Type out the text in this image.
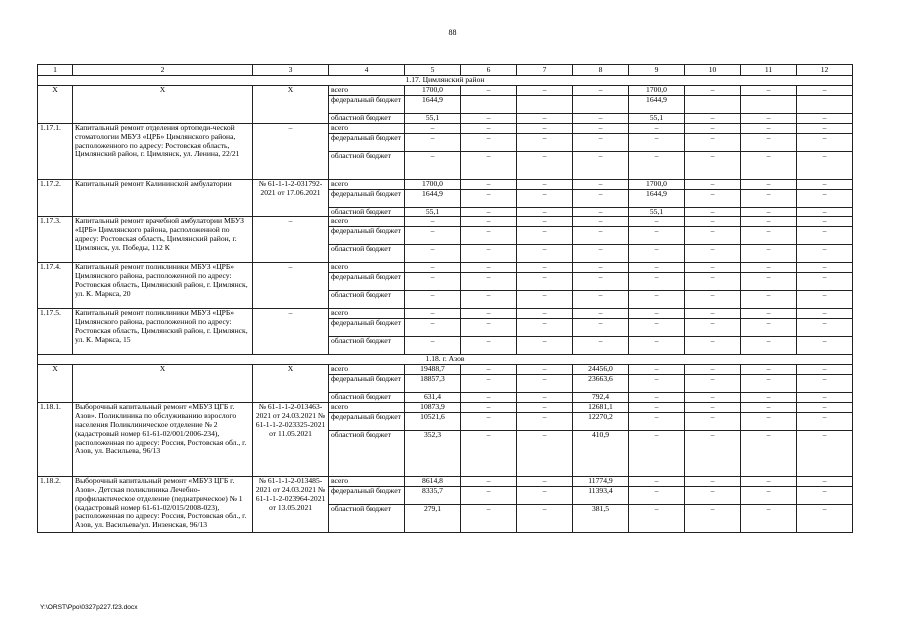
88
1	2	3	4	5	6	7	8	9	10	11	12
1.17. Цимлянский район											
X	X	X	всего	1700,0	–	–	–	1700,0	–	–	–
			федеральный бюджет	1644,9				1644,9			
			областной бюджет	55,1	–	–	–	55,1	–	–	–
1.17.1.	Капитальный ремонт отделения ортопеди-ческой стоматологии МБУЗ «ЦРБ» Цимлянского района, расположенного по адресу: Ростовская область, Цимлянский район, г. Цимлянск, ул. Ленина, 22/21	–	всего	–	–	–	–	–	–	–	–
			федеральный бюджет	–	–	–	–	–	–	–	–
			областной бюджет	–	–	–	–	–	–	–	–
1.17.2.	Капитальный ремонт Калининской амбулатории	№ 61-1-1-2-031792-2021 от 17.06.2021	всего	1700,0	–	–	–	1700,0	–	–	–
			федеральный бюджет	1644,9	–	–	–	1644,9	–	–	–
			областной бюджет	55,1	–	–	–	55,1	–	–	–
1.17.3.	Капитальный ремонт врачебной амбулатории МБУЗ «ЦРБ» Цимлянского района, расположенной по адресу: Ростовская область, Цимлянский район, г. Цимлянск, ул. Победы, 112 К	–	всего	–	–	–	–	–	–	–	–
			федеральный бюджет	–	–	–	–	–	–	–	–
			областной бюджет	–	–	–	–	–	–	–	–
1.17.4.	Капитальный ремонт поликлиники МБУЗ «ЦРБ» Цимлянского района, расположенной по адресу: Ростовская область, Цимлянский район, г. Цимлянск, ул. К. Маркса, 20	–	всего	–	–	–	–	–	–	–	–
			федеральный бюджет	–	–	–	–	–	–	–	–
			областной бюджет	–	–	–	–	–	–	–	–
1.17.5.	Капитальный ремонт поликлиники МБУЗ «ЦРБ» Цимлянского района, расположенной по адресу: Ростовская область, Цимлянский район, г. Цимлянск, ул. К. Маркса, 15	–	всего	–	–	–	–	–	–	–	–
			федеральный бюджет	–	–	–	–	–	–	–	–
			областной бюджет	–	–	–	–	–	–	–	–
1.18. г. Азов											
X	X	X	всего	19488,7	–	–	24456,0	–	–	–	–
			федеральный бюджет	18857,3	–	–	23663,6	–	–	–	–
			областной бюджет	631,4	–	–	792,4	–	–	–	–
1.18.1.	Выборочный капитальный ремонт «МБУЗ ЦГБ г. Азов». Поликлиника по обслуживанию взрослого населения Поликлиническое отделение № 2 (кадастровый номер 61-61-02/001/2006-234), расположенная по адресу: Россия, Ростовская обл., г. Азов, ул. Васильева, 96/13	№ 61-1-1-2-013463-2021 от 24.03.2021 № 61-1-1-2-023325-2021 от 11.05.2021	всего	10873,9	–	–	12681,1	–	–	–	–
			федеральный бюджет	10521,6	–	–	12270,2	–	–	–	–
			областной бюджет	352,3	–	–	410,9	–	–	–	–
1.18.2.	Выборочный капитальный ремонт «МБУЗ ЦГБ г. Азов». Детская поликлиника Лечебно-профилактическое отделение (педиатрическое) № 1 (кадастровый номер 61-61-02/015/2008-023), расположенная по адресу: Россия, Ростовская обл., г. Азов, ул. Васильева/ул. Инзенская, 96/13	№ 61-1-1-2-013485-2021 от 24.03.2021 № 61-1-1-2-023964-2021 от 13.05.2021	всего	8614,8	–	–	11774,9	–	–	–	–
			федеральный бюджет	8335,7	–	–	11393,4	–	–	–	–
			областной бюджет	279,1	–	–	381,5	–	–	–	–
Y:\ORST\Ppo\0327p227.f23.docx
